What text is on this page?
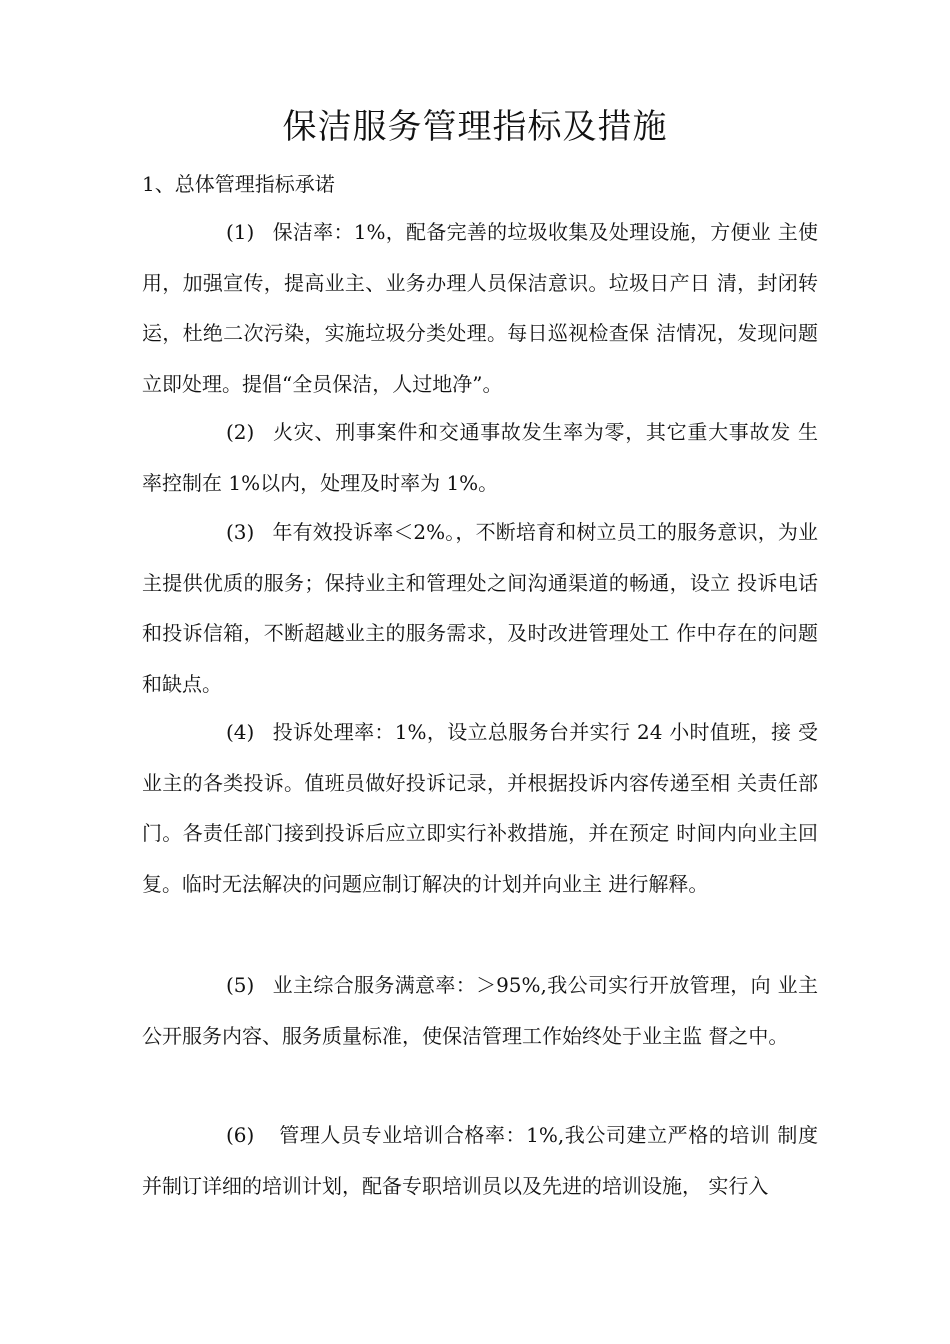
保洁服务管理指标及措施
1、总体管理指标承诺

(1) 保洁率：1%，配备完善的垃圾收集及处理设施，方便业 主使用，加强宣传，提高业主、业务办理人员保洁意识。垃圾日产日 清，封闭转运，杜绝二次污染，实施垃圾分类处理。每日巡视检查保 洁情况，发现问题立即处理。提倡“全员保洁，人过地净”。

(2) 火灾、刑事案件和交通事故发生率为零，其它重大事故发 生率控制在 1%以内，处理及时率为 1%。

(3) 年有效投诉率＜2%。，不断培育和树立员工的服务意识，为业主提供优质的服务；保持业主和管理处之间沟通渠道的畅通，设立 投诉电话和投诉信箱，不断超越业主的服务需求，及时改进管理处工 作中存在的问题和缺点。

(4) 投诉处理率：1%，设立总服务台并实行 24 小时值班，接 受业主的各类投诉。值班员做好投诉记录，并根据投诉内容传递至相 关责任部门。各责任部门接到投诉后应立即实行补救措施，并在预定 时间内向业主回复。临时无法解决的问题应制订解决的计划并向业主 进行解释。

(5) 业主综合服务满意率：＞95%,我公司实行开放管理，向 业主公开服务内容、服务质量标准，使保洁管理工作始终处于业主监 督之中。

(6) 管理人员专业培训合格率：1%,我公司建立严格的培训 制度并制订详细的培训计划，配备专职培训员以及先进的培训设施， 实行入
